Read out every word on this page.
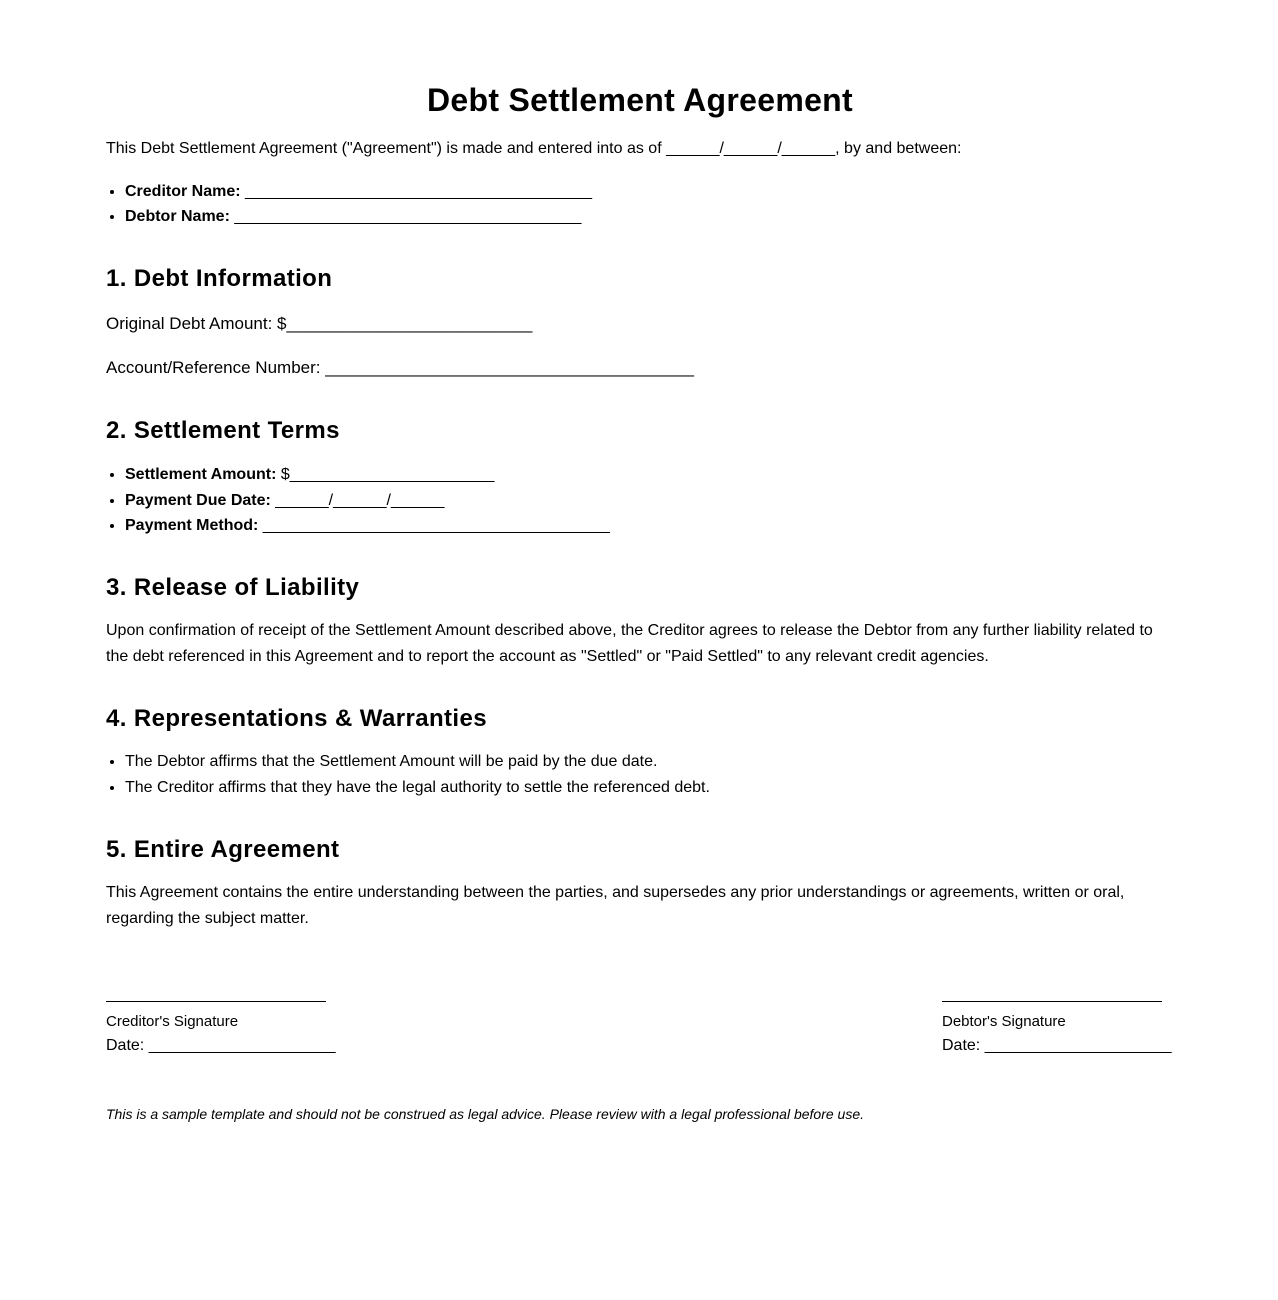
Debt Settlement Agreement

This Debt Settlement Agreement ("Agreement") is made and entered into as of ______/______/______, by and between:

• Creditor Name: _______________________________________
• Debtor Name: _______________________________________
1. Debt Information

Original Debt Amount: $__________________________

Account/Reference Number: _______________________________________

2. Settlement Terms
• Settlement Amount: $_______________________
• Payment Due Date: ______/______/______
• Payment Method: _______________________________________
3. Release of Liability

Upon confirmation of receipt of the Settlement Amount described above, the Creditor agrees to release the Debtor from any further liability related to the debt referenced in this Agreement and to report the account as "Settled" or "Paid Settled" to any relevant credit agencies.

4. Representations & Warranties
• The Debtor affirms that the Settlement Amount will be paid by the due date.
• The Creditor affirms that they have the legal authority to settle the referenced debt.
5. Entire Agreement

This Agreement contains the entire understanding between the parties, and supersedes any prior understandings or agreements, written or oral, regarding the subject matter.

Creditor's Signature
Date: _____________________
Debtor's Signature
Date: _____________________

This is a sample template and should not be construed as legal advice. Please review with a legal professional before use.
